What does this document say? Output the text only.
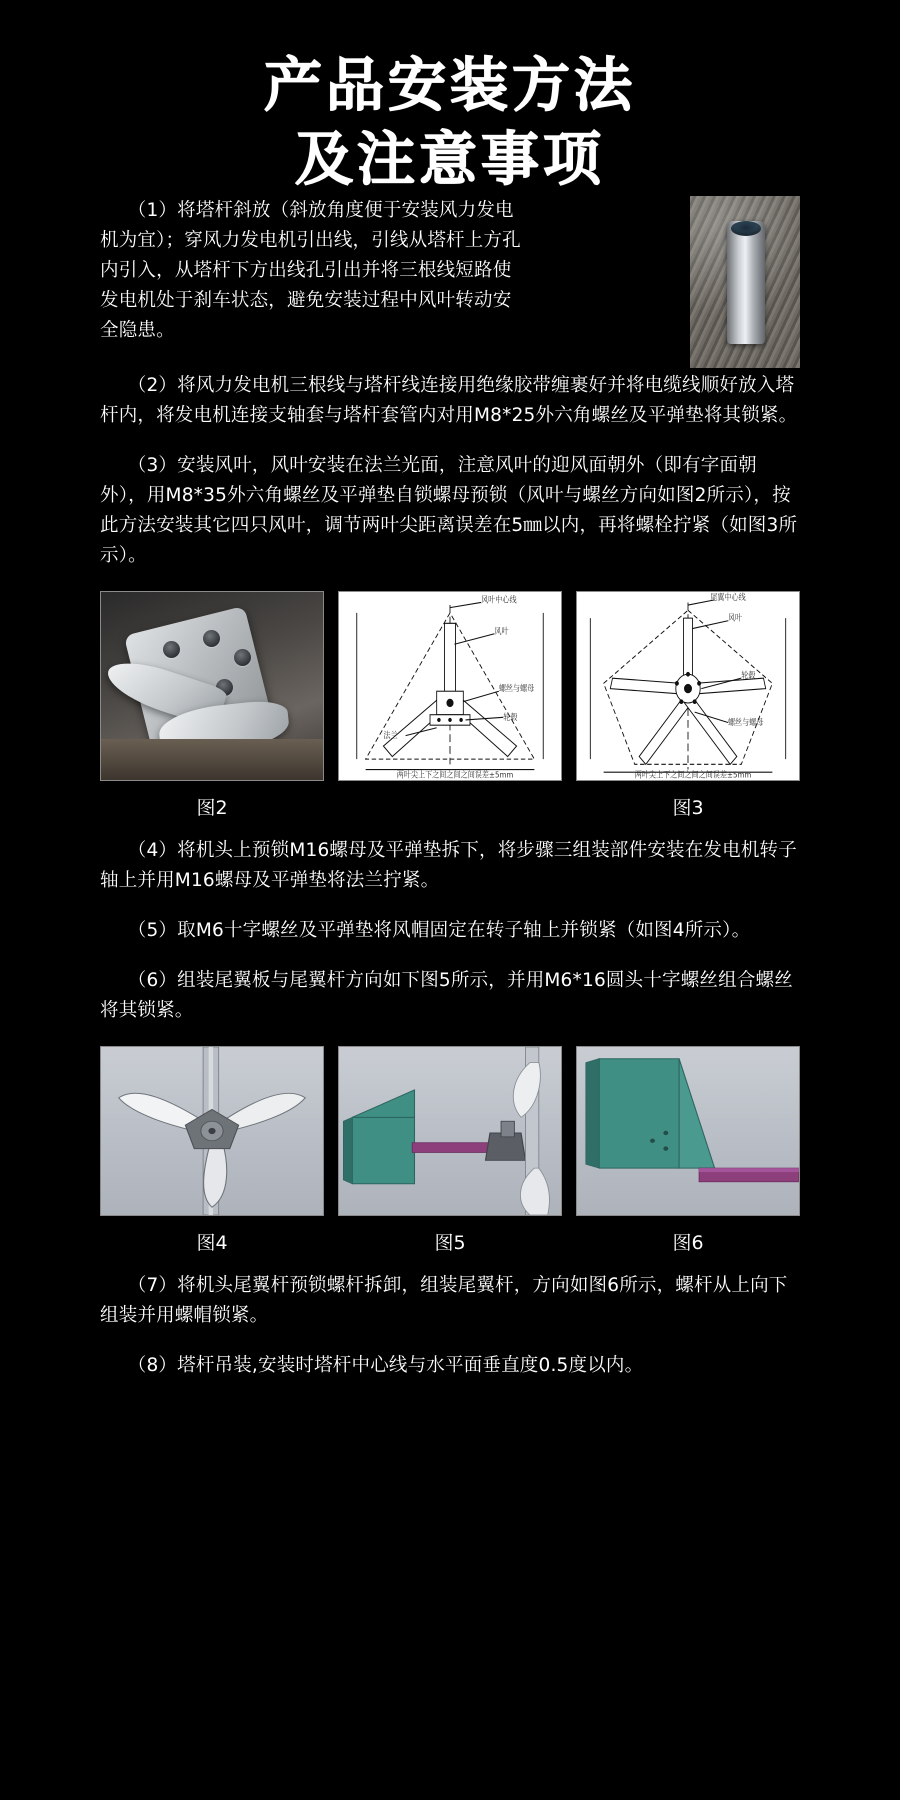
产品安装方法
及注意事项

（1）将塔杆斜放（斜放角度便于安装风力发电机为宜）；穿风力发电机引出线，引线从塔杆上方孔内引入，从塔杆下方出线孔引出并将三根线短路使发电机处于刹车状态，避免安装过程中风叶转动安全隐患。

（2）将风力发电机三根线与塔杆线连接用绝缘胶带缠裹好并将电缆线顺好放入塔杆内，将发电机连接支轴套与塔杆套管内对用M8*25外六角螺丝及平弹垫将其锁紧。

（3）安装风叶，风叶安装在法兰光面，注意风叶的迎风面朝外（即有字面朝外），用M8*35外六角螺丝及平弹垫自锁螺母预锁（风叶与螺丝方向如图2所示），按此方法安装其它四只风叶，调节两叶尖距离误差在5㎜以内，再将螺栓拧紧（如图3所示）。

图2
风叶中心线
风叶
螺丝与螺母
轮毂
法兰
两叶尖上下之间之间之间误差±5mm
尾翼中心线
风叶
轮毂
螺丝与螺母
两叶尖上下之间之间之间误差±5mm
图3

（4）将机头上预锁M16螺母及平弹垫拆下，将步骤三组装部件安装在发电机转子轴上并用M16螺母及平弹垫将法兰拧紧。

（5）取M6十字螺丝及平弹垫将风帽固定在转子轴上并锁紧（如图4所示）。

（6）组装尾翼板与尾翼杆方向如下图5所示，并用M6*16圆头十字螺丝组合螺丝将其锁紧。

图4	图5	图6

（7）将机头尾翼杆预锁螺杆拆卸，组装尾翼杆，方向如图6所示，螺杆从上向下组装并用螺帽锁紧。

（8）塔杆吊装,安装时塔杆中心线与水平面垂直度0.5度以内。
